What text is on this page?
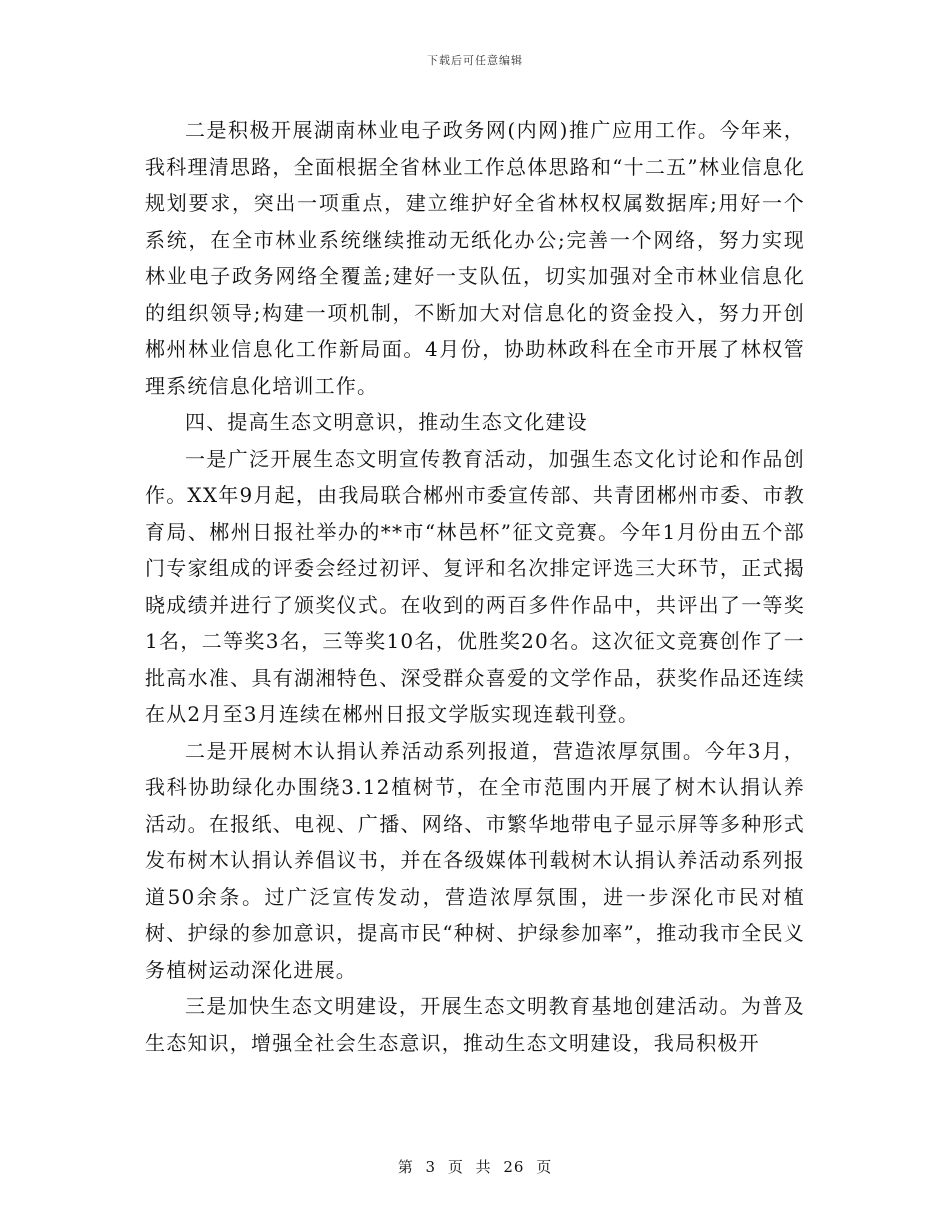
下载后可任意编辑

二是积极开展湖南林业电子政务网(内网)推广应用工作。今年来，我科理清思路，全面根据全省林业工作总体思路和“十二五”林业信息化规划要求，突出一项重点，建立维护好全省林权权属数据库;用好一个系统，在全市林业系统继续推动无纸化办公;完善一个网络，努力实现林业电子政务网络全覆盖;建好一支队伍，切实加强对全市林业信息化的组织领导;构建一项机制，不断加大对信息化的资金投入，努力开创郴州林业信息化工作新局面。4月份，协助林政科在全市开展了林权管理系统信息化培训工作。

四、提高生态文明意识，推动生态文化建设

一是广泛开展生态文明宣传教育活动，加强生态文化讨论和作品创作。XX年9月起，由我局联合郴州市委宣传部、共青团郴州市委、市教育局、郴州日报社举办的**市“林邑杯”征文竞赛。今年1月份由五个部门专家组成的评委会经过初评、复评和名次排定评选三大环节，正式揭晓成绩并进行了颁奖仪式。在收到的两百多件作品中，共评出了一等奖1名，二等奖3名，三等奖10名，优胜奖20名。这次征文竞赛创作了一批高水准、具有湖湘特色、深受群众喜爱的文学作品，获奖作品还连续在从2月至3月连续在郴州日报文学版实现连载刊登。

二是开展树木认捐认养活动系列报道，营造浓厚氛围。今年3月，我科协助绿化办围绕3.12植树节，在全市范围内开展了树木认捐认养活动。在报纸、电视、广播、网络、市繁华地带电子显示屏等多种形式发布树木认捐认养倡议书，并在各级媒体刊载树木认捐认养活动系列报道50余条。过广泛宣传发动，营造浓厚氛围，进一步深化市民对植树、护绿的参加意识，提高市民“种树、护绿参加率”，推动我市全民义务植树运动深化进展。

三是加快生态文明建设，开展生态文明教育基地创建活动。为普及生态知识，增强全社会生态意识，推动生态文明建设，我局积极开

第 3 页 共 26 页
